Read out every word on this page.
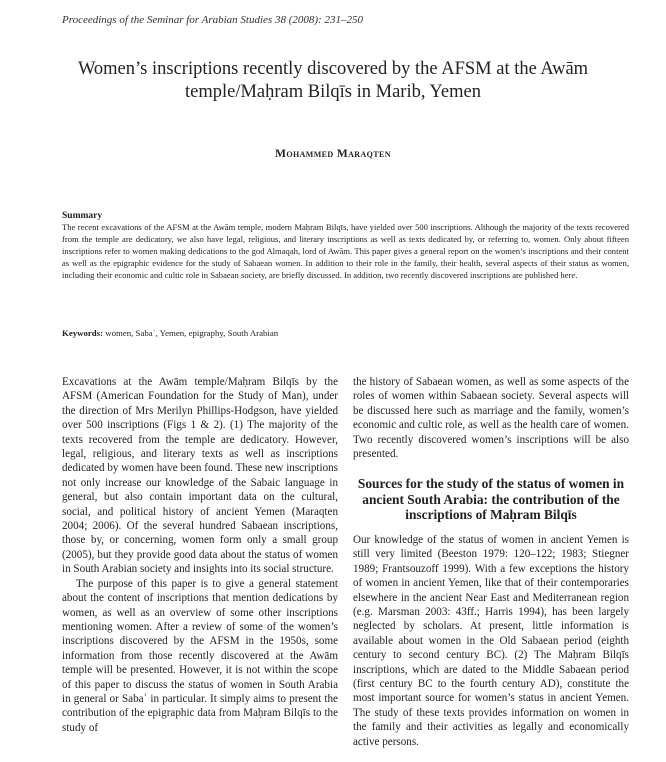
Proceedings of the Seminar for Arabian Studies 38 (2008): 231–250
Women’s inscriptions recently discovered by the AFSM at the Awām temple/Maḥram Bilqīs in Marib, Yemen
Mohammed Maraqten
Summary
The recent excavations of the AFSM at the Awām temple, modern Maḥram Bilqīs, have yielded over 500 inscriptions. Although the majority of the texts recovered from the temple are dedicatory, we also have legal, religious, and literary inscriptions as well as texts dedicated by, or referring to, women. Only about fifteen inscriptions refer to women making dedications to the god Almaqah, lord of Awām. This paper gives a general report on the women’s inscriptions and their content as well as the epigraphic evidence for the study of Sabaean women. In addition to their role in the family, their health, several aspects of their status as women, including their economic and cultic role in Sabaean society, are briefly discussed. In addition, two recently discovered inscriptions are published here.
Keywords: women, Sabaʾ, Yemen, epigraphy, South Arabian

Excavations at the Awām temple/Maḥram Bilqīs by the AFSM (American Foundation for the Study of Man), under the direction of Mrs Merilyn Phillips-Hodgson, have yielded over 500 inscriptions (Figs 1 & 2). (1) The majority of the texts recovered from the temple are dedicatory. However, legal, religious, and literary texts as well as inscriptions dedicated by women have been found. These new inscriptions not only increase our knowledge of the Sabaic language in general, but also contain important data on the cultural, social, and political history of ancient Yemen (Maraqten 2004; 2006). Of the several hundred Sabaean inscriptions, those by, or concerning, women form only a small group (2005), but they provide good data about the status of women in South Arabian society and insights into its social structure.

The purpose of this paper is to give a general statement about the content of inscriptions that mention dedications by women, as well as an overview of some other inscriptions mentioning women. After a review of some of the women’s inscriptions discovered by the AFSM in the 1950s, some information from those recently discovered at the Awām temple will be presented. However, it is not within the scope of this paper to discuss the status of women in South Arabia in general or Sabaʾ in particular. It simply aims to present the contribution of the epigraphic data from Maḥram Bilqīs to the study of

the history of Sabaean women, as well as some aspects of the roles of women within Sabaean society. Several aspects will be discussed here such as marriage and the family, women’s economic and cultic role, as well as the health care of women. Two recently discovered women’s inscriptions will be also presented.

Sources for the study of the status of women in ancient South Arabia: the contribution of the inscriptions of Maḥram Bilqīs

Our knowledge of the status of women in ancient Yemen is still very limited (Beeston 1979: 120–122; 1983; Stiegner 1989; Frantsouzoff 1999). With a few exceptions the history of women in ancient Yemen, like that of their contemporaries elsewhere in the ancient Near East and Mediterranean region (e.g. Marsman 2003: 43ff.; Harris 1994), has been largely neglected by scholars. At present, little information is available about women in the Old Sabaean period (eighth century to second century BC). (2) The Maḥram Bilqīs inscriptions, which are dated to the Middle Sabaean period (first century BC to the fourth century AD), constitute the most important source for women’s status in ancient Yemen. The study of these texts provides information on women in the family and their activities as legally and economically active persons.
